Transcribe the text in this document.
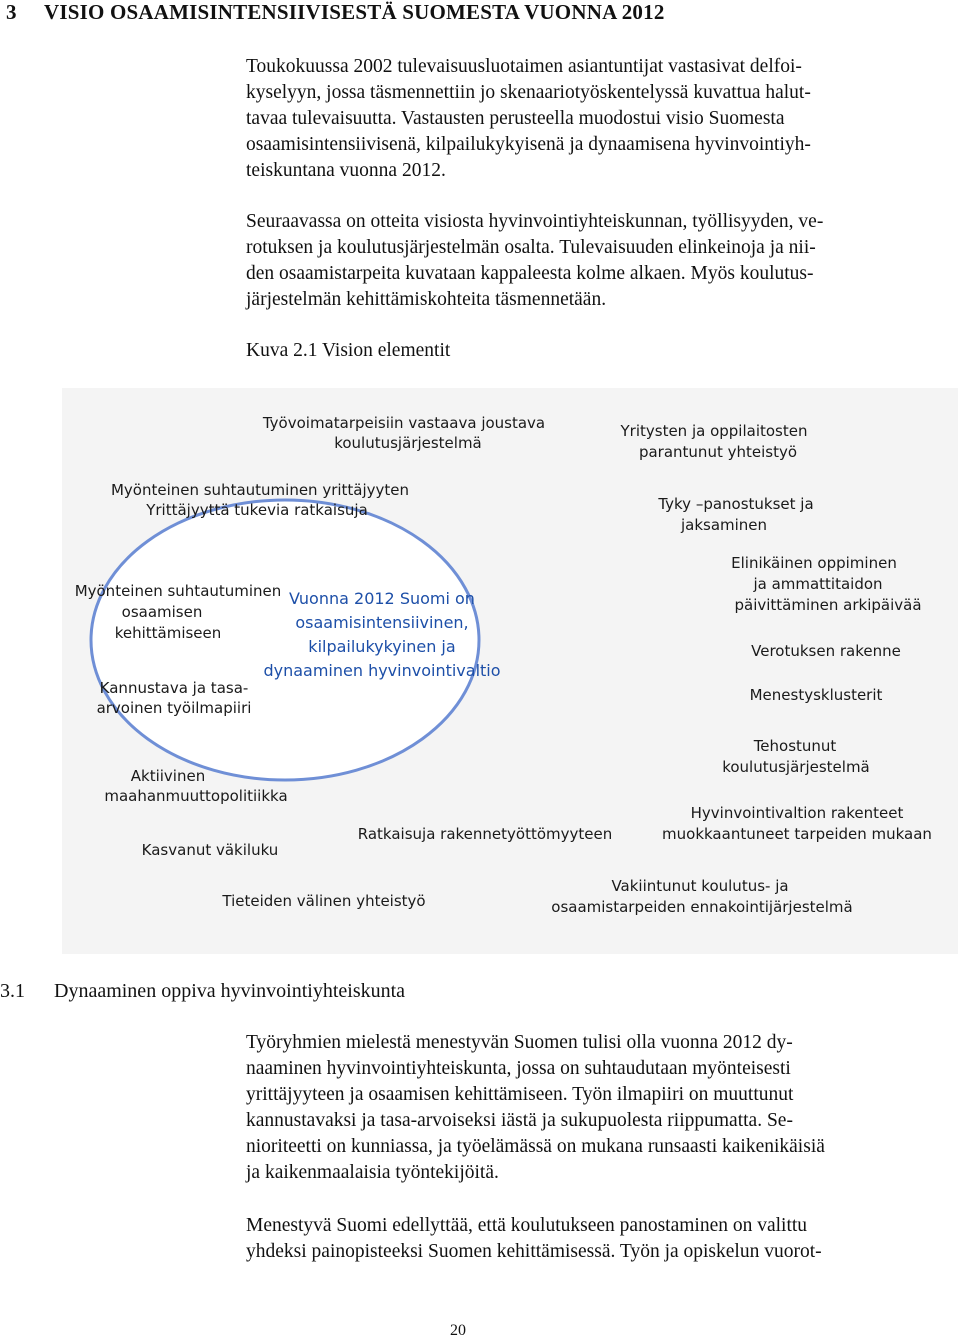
3 VISIO OSAAMISINTENSIIVISESTÄ SUOMESTA VUONNA 2012
Toukokuussa 2002 tulevaisuusluotaimen asiantuntijat vastasivat delfoi-
kyselyyn, jossa täsmennettiin jo skenaariotyöskentelyssä kuvattua halut-
tavaa tulevaisuutta. Vastausten perusteella muodostui visio Suomesta
osaamisintensiivisenä, kilpailukykyisenä ja dynaamisena hyvinvointiyh-
teiskuntana vuonna 2012.
Seuraavassa on otteita visiosta hyvinvointiyhteiskunnan, työllisyyden, ve-
rotuksen ja koulutusjärjestelmän osalta. Tulevaisuuden elinkeinoja ja nii-
den osaamistarpeita kuvataan kappaleesta kolme alkaen. Myös koulutus-
järjestelmän kehittämiskohteita täsmennetään.
Kuva 2.1 Vision elementit
Vuonna 2012 Suomi on
osaamisintensiivinen,
kilpailukykyinen ja
dynaaminen hyvinvointivaltio
Työvoimatarpeisiin vastaava joustava
koulutusjärjestelmä
Yritysten ja oppilaitosten
parantunut yhteistyö
Myönteinen suhtautuminen yrittäjyyten
Yrittäjyyttä tukevia ratkaisuja	Tyky –panostukset ja
jaksaminen
Elinikäinen oppiminen
ja ammattitaidon
päivittäminen arkipäivää
Myönteinen suhtautuminen
osaamisen
kehittämiseen
Verotuksen rakenne
Kannustava ja tasa-
arvoinen työilmapiiri
Menestysklusterit
Tehostunut
koulutusjärjestelmä
Aktiivinen
maahanmuuttopolitiikka
Hyvinvointivaltion rakenteet
muokkaantuneet tarpeiden mukaan
Ratkaisuja rakennetyöttömyyteen
Kasvanut väkiluku
Tieteiden välinen yhteistyö
Vakiintunut koulutus- ja
osaamistarpeiden ennakointijärjestelmä
3.1 Dynaaminen oppiva hyvinvointiyhteiskunta
Työryhmien mielestä menestyvän Suomen tulisi olla vuonna 2012 dy-
naaminen hyvinvointiyhteiskunta, jossa on suhtaudutaan myönteisesti
yrittäjyyteen ja osaamisen kehittämiseen. Työn ilmapiiri on muuttunut
kannustavaksi ja tasa-arvoiseksi iästä ja sukupuolesta riippumatta. Se-
nioriteetti on kunniassa, ja työelämässä on mukana runsaasti kaikenikäisiä
ja kaikenmaalaisia työntekijöitä.
Menestyvä Suomi edellyttää, että koulutukseen panostaminen on valittu
yhdeksi painopisteeksi Suomen kehittämisessä. Työn ja opiskelun vuorot-
20
